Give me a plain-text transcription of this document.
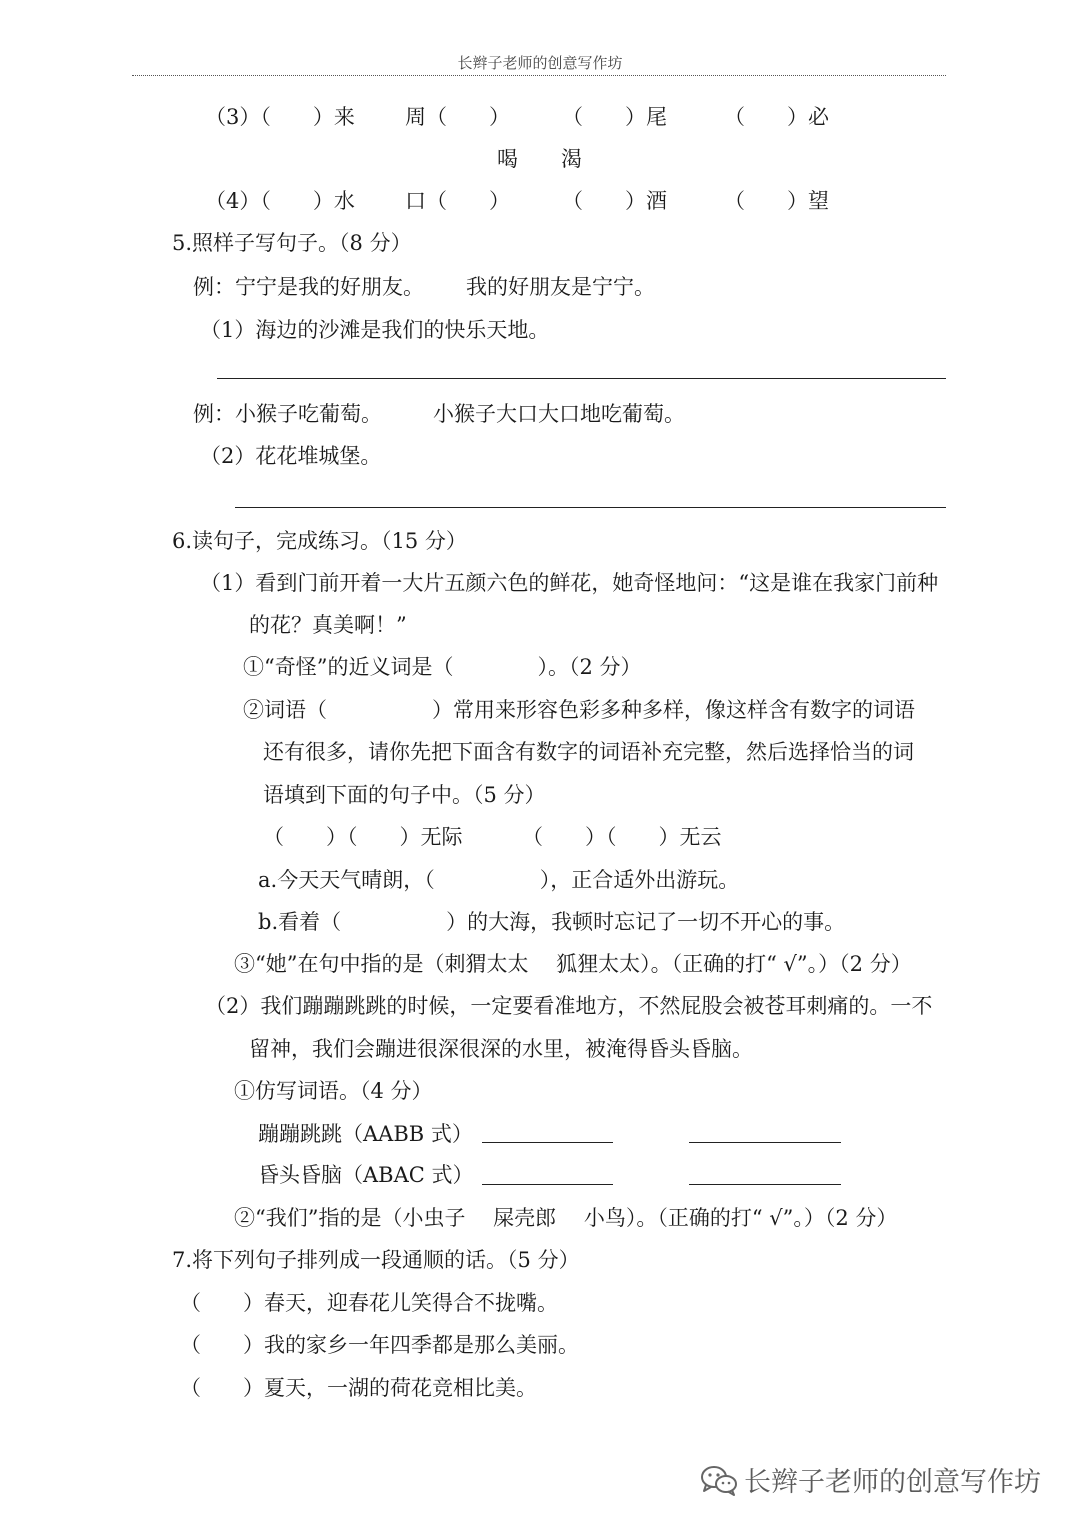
长辫子老师的创意写作坊
（3）（　　）来 周（　　） （　　）尾	（　　）必
喝 渴
（4）（　　）水 口（　　） （　　）酒	（　　）望
5.照样子写句子。（8 分）
例：宁宁是我的好朋友。 我的好朋友是宁宁。
（1）海边的沙滩是我们的快乐天地。
例：小猴子吃葡萄。 小猴子大口大口地吃葡萄。
（2）花花堆城堡。
6.读句子，完成练习。（15 分）
（1）看到门前开着一大片五颜六色的鲜花，她奇怪地问：“这是谁在我家门前种
的花？真美啊！”
①“奇怪”的近义词是（　　　　）。（2 分）
②词语（　　　　　）常用来形容色彩多种多样，像这样含有数字的词语
还有很多，请你先把下面含有数字的词语补充完整，然后选择恰当的词
语填到下面的句子中。（5 分）
（　　）（　　）无际	（　　）（　　）无云
a.今天天气晴朗，（　　　　　），正合适外出游玩。
b.看着（　　　　　）的大海，我顿时忘记了一切不开心的事。
③“她”在句中指的是（刺猬太太　 狐狸太太）。（正确的打“ √”。）（2 分）
（2）我们蹦蹦跳跳的时候，一定要看准地方，不然屁股会被苍耳刺痛的。一不
留神，我们会蹦进很深很深的水里，被淹得昏头昏脑。
①仿写词语。（4 分）
蹦蹦跳跳（AABB 式）
昏头昏脑（ABAC 式）
②“我们”指的是（小虫子　 屎壳郎　 小鸟）。（正确的打“ √”。）（2 分）
7.将下列句子排列成一段通顺的话。（5 分）
（　　）春天，迎春花儿笑得合不拢嘴。
（　　）我的家乡一年四季都是那么美丽。
（　　）夏天，一湖的荷花竞相比美。
长辫子老师的创意写作坊
